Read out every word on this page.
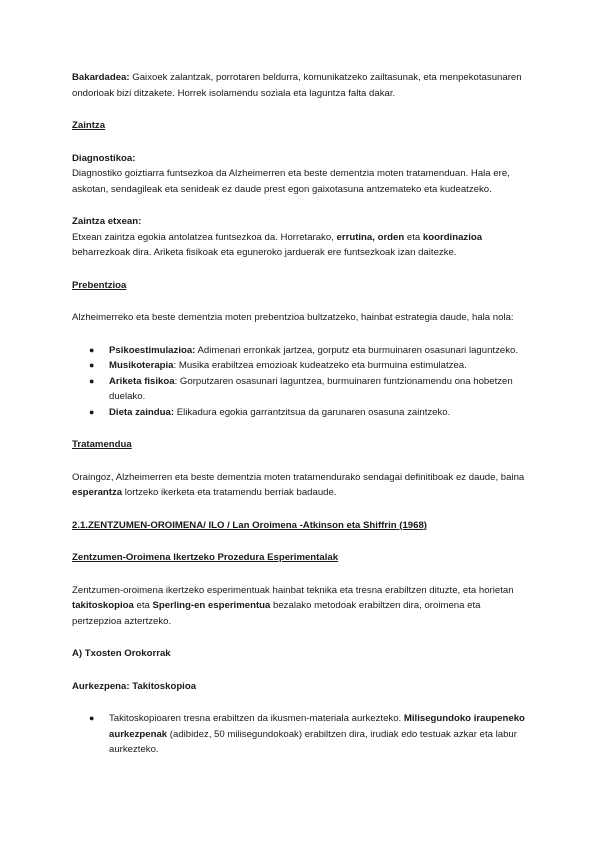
Bakardadea: Gaixoek zalantzak, porrotaren beldurra, komunikatzeko zailtasunak, eta menpekotasunaren ondorioak bizi ditzakete. Horrek isolamendu soziala eta laguntza falta dakar.

Zaintza

Diagnostikoa:

Diagnostiko goiztiarra funtsezkoa da Alzheimerren eta beste dementzia moten tratamenduan. Hala ere, askotan, sendagileak eta senideak ez daude prest egon gaixotasuna antzemateko eta kudeatzeko.

Zaintza etxean:

Etxean zaintza egokia antolatzea funtsezkoa da. Horretarako, errutina, orden eta koordinazioa beharrezkoak dira. Ariketa fisikoak eta eguneroko jarduerak ere funtsezkoak izan daitezke.

Prebentzioa

Alzheimerreko eta beste dementzia moten prebentzioa bultzatzeko, hainbat estrategia daude, hala nola:

● Psikoestimulazioa: Adimenari erronkak jartzea, gorputz eta burmuinaren osasunari laguntzeko.
● Musikoterapia: Musika erabiltzea emozioak kudeatzeko eta burmuina estimulatzea.
● Ariketa fisikoa: Gorputzaren osasunari laguntzea, burmuinaren funtzionamendu ona hobetzen duelako.
● Dieta zaindua: Elikadura egokia garrantzitsua da garunaren osasuna zaintzeko.

Tratamendua

Oraingoz, Alzheimerren eta beste dementzia moten tratamendurako sendagai definitiboak ez daude, baina esperantza lortzeko ikerketa eta tratamendu berriak badaude.

2.1.ZENTZUMEN-OROIMENA/ ILO / Lan Oroimena -Atkinson eta Shiffrin (1968)

Zentzumen-Oroimena Ikertzeko Prozedura Esperimentalak

Zentzumen-oroimena ikertzeko esperimentuak hainbat teknika eta tresna erabiltzen dituzte, eta horietan takitoskopioa eta Sperling-en esperimentua bezalako metodoak erabiltzen dira, oroimena eta pertzepzioa aztertzeko.

A) Txosten Orokorrak

Aurkezpena: Takitoskopioa

● Takitoskopioaren tresna erabiltzen da ikusmen-materiala aurkezteko. Milisegundoko iraupeneko aurkezpenak (adibidez, 50 milisegundokoak) erabiltzen dira, irudiak edo testuak azkar eta labur aurkezteko.
